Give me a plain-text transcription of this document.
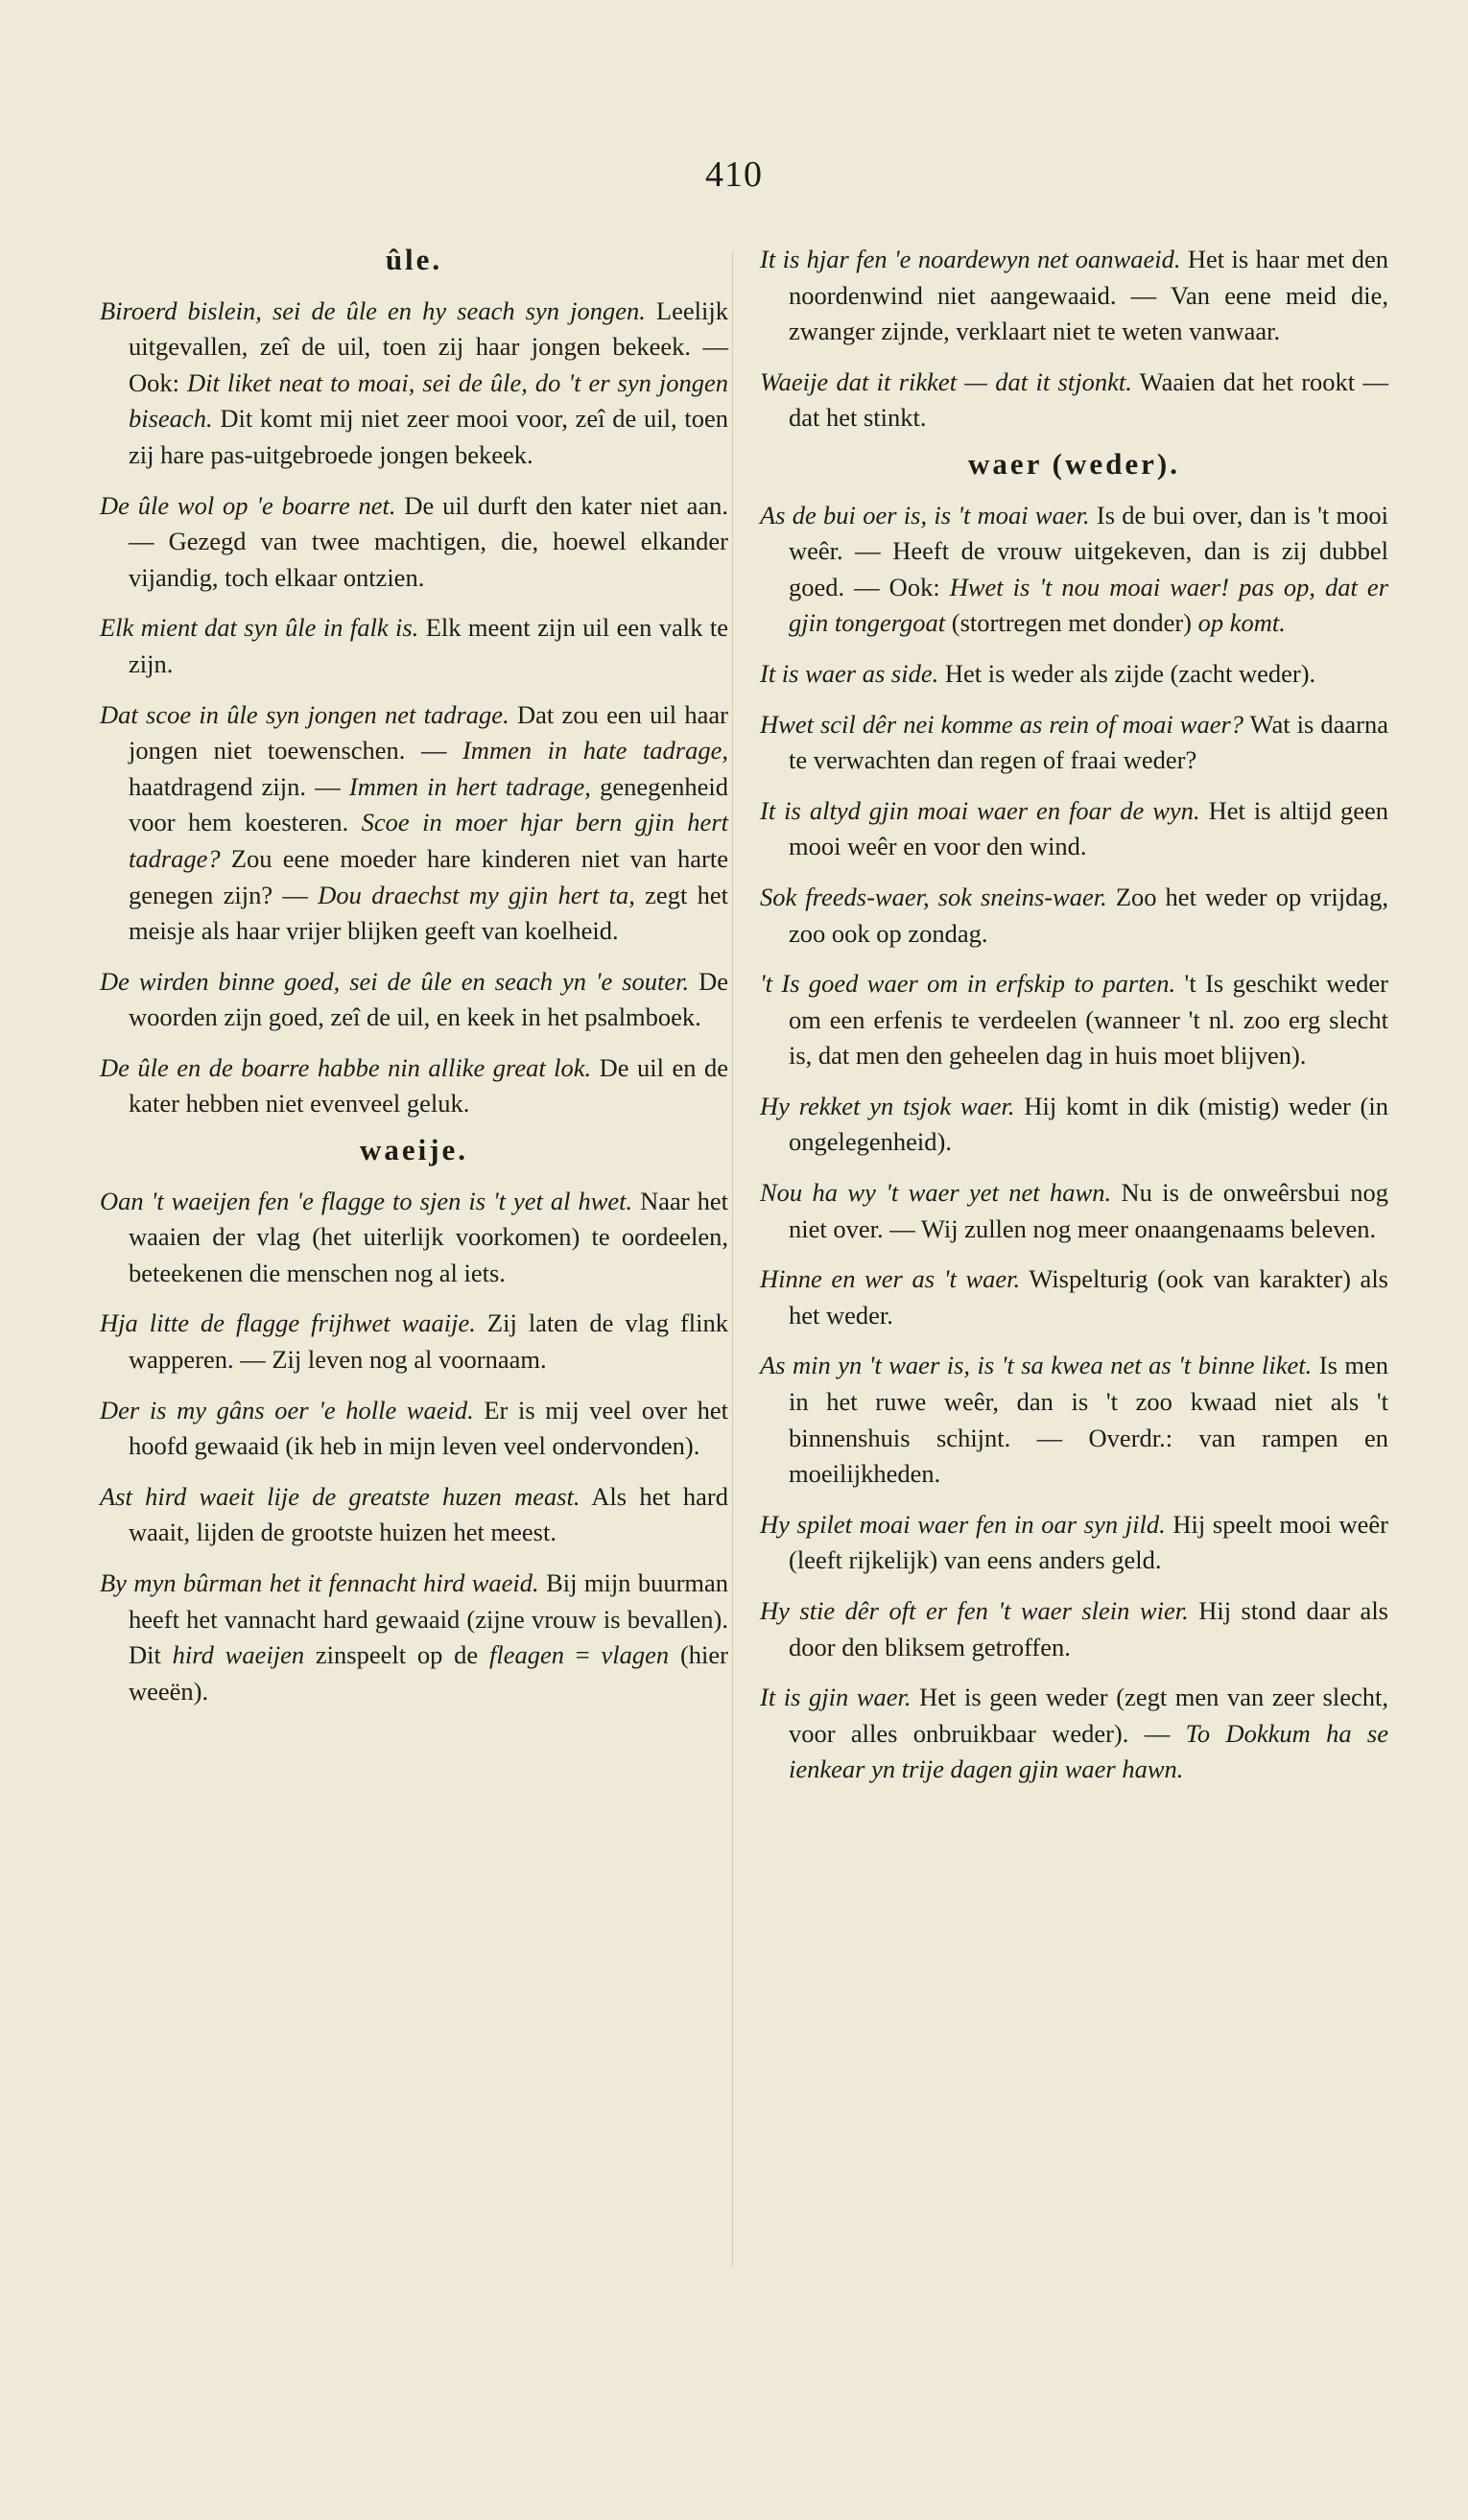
410
ûle.

Biroerd bislein, sei de ûle en hy seach syn jongen. Leelijk uitgevallen, zeî de uil, toen zij haar jongen bekeek. — Ook: Dit liket neat to moai, sei de ûle, do 't er syn jongen biseach. Dit komt mij niet zeer mooi voor, zeî de uil, toen zij hare pas-uitgebroede jongen bekeek.

De ûle wol op 'e boarre net. De uil durft den kater niet aan. — Gezegd van twee machtigen, die, hoewel elkander vijandig, toch elkaar ontzien.

Elk mient dat syn ûle in falk is. Elk meent zijn uil een valk te zijn.

Dat scoe in ûle syn jongen net tadrage. Dat zou een uil haar jongen niet toewenschen. — Immen in hate tadrage, haatdragend zijn. — Immen in hert tadrage, genegenheid voor hem koesteren. Scoe in moer hjar bern gjin hert tadrage? Zou eene moeder hare kinderen niet van harte genegen zijn? — Dou draechst my gjin hert ta, zegt het meisje als haar vrijer blijken geeft van koelheid.

De wirden binne goed, sei de ûle en seach yn 'e souter. De woorden zijn goed, zeî de uil, en keek in het psalmboek.

De ûle en de boarre habbe nin allike great lok. De uil en de kater hebben niet evenveel geluk.

waeije.

Oan 't waeijen fen 'e flagge to sjen is 't yet al hwet. Naar het waaien der vlag (het uiterlijk voorkomen) te oordeelen, beteekenen die menschen nog al iets.

Hja litte de flagge frijhwet waaije. Zij laten de vlag flink wapperen. — Zij leven nog al voornaam.

Der is my gâns oer 'e holle waeid. Er is mij veel over het hoofd gewaaid (ik heb in mijn leven veel ondervonden).

Ast hird waeit lije de greatste huzen meast. Als het hard waait, lijden de grootste huizen het meest.

By myn bûrman het it fennacht hird waeid. Bij mijn buurman heeft het vannacht hard gewaaid (zijne vrouw is bevallen). Dit hird waeijen zinspeelt op de fleagen = vlagen (hier weeën).

It is hjar fen 'e noardewyn net oanwaeid. Het is haar met den noordenwind niet aangewaaid. — Van eene meid die, zwanger zijnde, verklaart niet te weten vanwaar.

Waeije dat it rikket — dat it stjonkt. Waaien dat het rookt — dat het stinkt.

waer (weder).

As de bui oer is, is 't moai waer. Is de bui over, dan is 't mooi weêr. — Heeft de vrouw uitgekeven, dan is zij dubbel goed. — Ook: Hwet is 't nou moai waer! pas op, dat er gjin tongergoat (stortregen met donder) op komt.

It is waer as side. Het is weder als zijde (zacht weder).

Hwet scil dêr nei komme as rein of moai waer? Wat is daarna te verwachten dan regen of fraai weder?

It is altyd gjin moai waer en foar de wyn. Het is altijd geen mooi weêr en voor den wind.

Sok freeds-waer, sok sneins-waer. Zoo het weder op vrijdag, zoo ook op zondag.

't Is goed waer om in erfskip to parten. 't Is geschikt weder om een erfenis te verdeelen (wanneer 't nl. zoo erg slecht is, dat men den geheelen dag in huis moet blijven).

Hy rekket yn tsjok waer. Hij komt in dik (mistig) weder (in ongelegenheid).

Nou ha wy 't waer yet net hawn. Nu is de onweêrsbui nog niet over. — Wij zullen nog meer onaangenaams beleven.

Hinne en wer as 't waer. Wispelturig (ook van karakter) als het weder.

As min yn 't waer is, is 't sa kwea net as 't binne liket. Is men in het ruwe weêr, dan is 't zoo kwaad niet als 't binnenshuis schijnt. — Overdr.: van rampen en moeilijkheden.

Hy spilet moai waer fen in oar syn jild. Hij speelt mooi weêr (leeft rijkelijk) van eens anders geld.

Hy stie dêr oft er fen 't waer slein wier. Hij stond daar als door den bliksem getroffen.

It is gjin waer. Het is geen weder (zegt men van zeer slecht, voor alles onbruikbaar weder). — To Dokkum ha se ienkear yn trije dagen gjin waer hawn.
